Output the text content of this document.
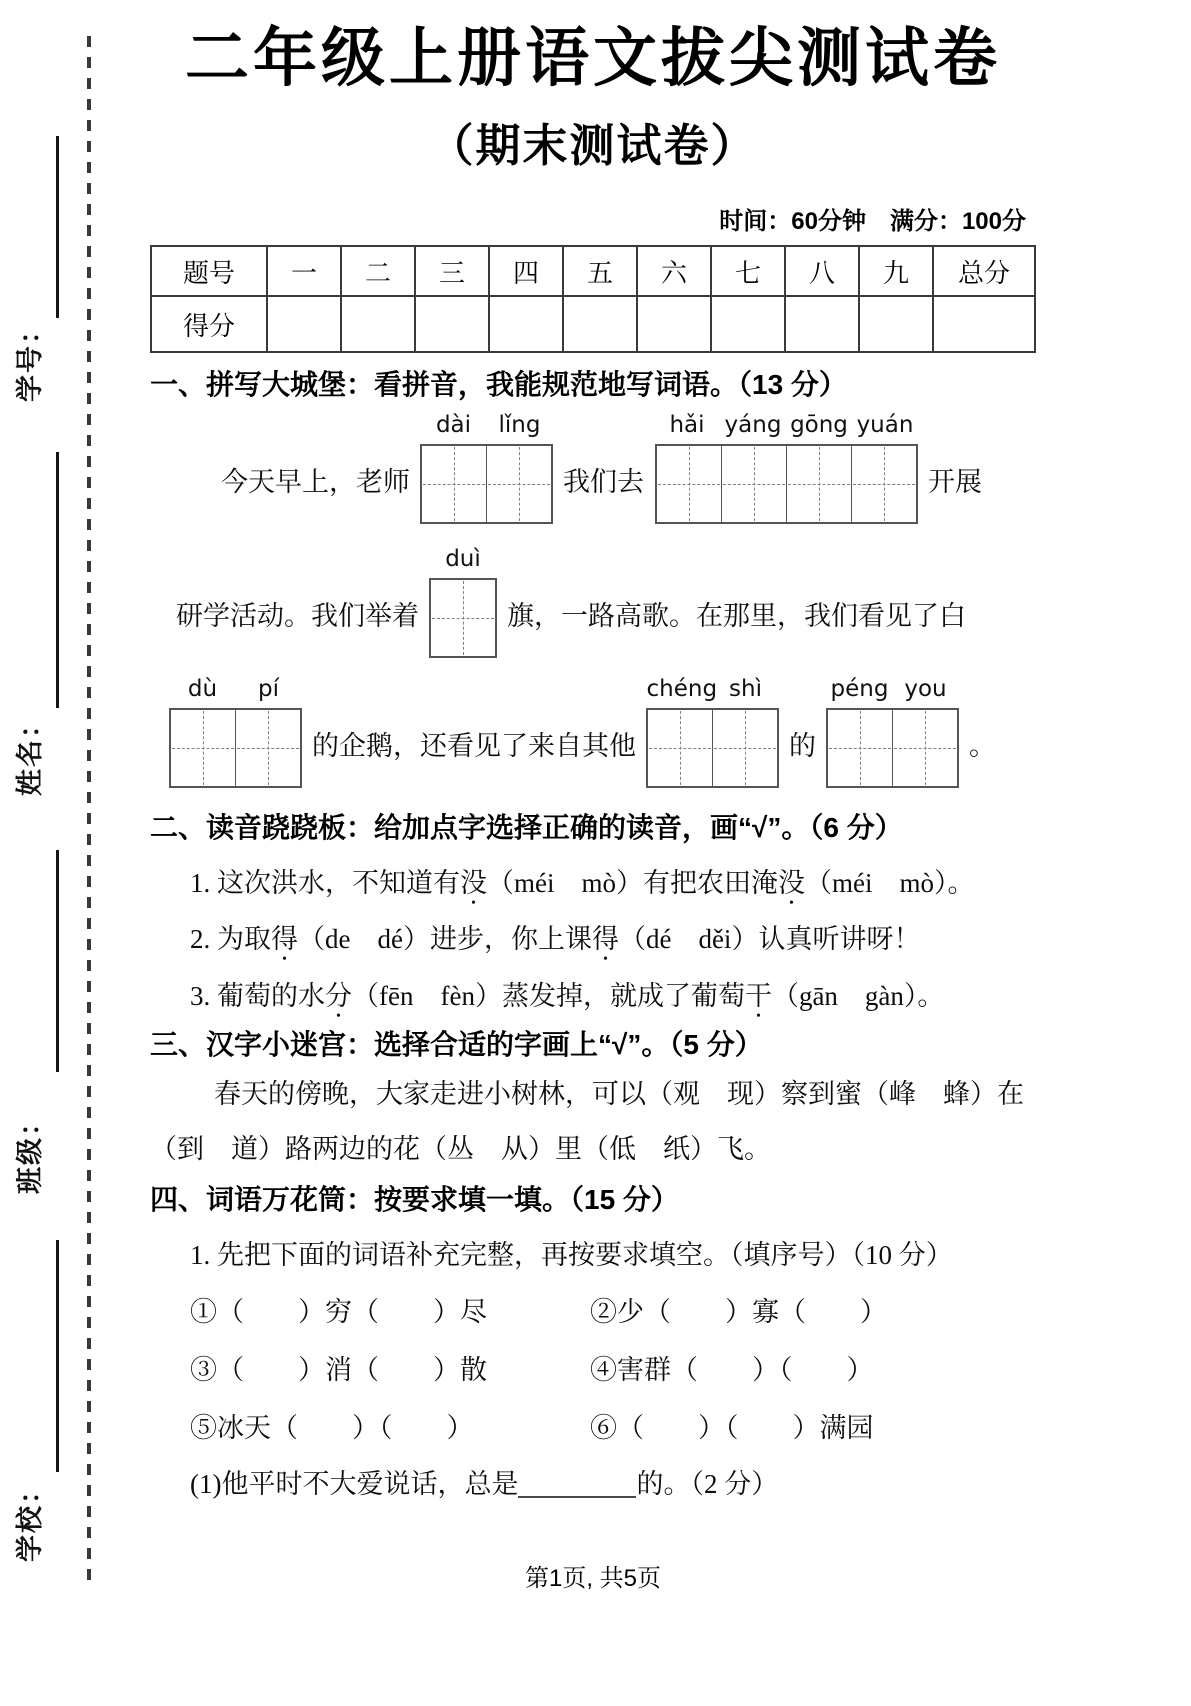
学号：
姓名：
班级：
学校：
二年级上册语文拔尖测试卷
（期末测试卷）
时间：60分钟　满分：100分
题号	一	二	三	四	五	六	七	八	九	总分
得分										
一、拼写大城堡：看拼音，我能规范地写词语。（13 分）
今天早上，老师
dài	lǐng
我们去
hǎi yáng gōng yuán
开展
研学活动。我们举着
duì
旗，一路高歌。在那里，我们看见了白
dù	pí
的企鹅，还看见了来自其他
chéng shì
的
péng you
。
二、读音跷跷板：给加点字选择正确的读音，画“√”。（6 分）
1. 这次洪水，不知道有没（méi　mò）有把农田淹没（méi　mò）。
2. 为取得（de　dé）进步，你上课得（dé　děi）认真听讲呀！
3. 葡萄的水分（fēn　fèn）蒸发掉，就成了葡萄干（gān　gàn）。
三、汉字小迷宫：选择合适的字画上“√”。（5 分）
春天的傍晚，大家走进小树林，可以（观　现）察到蜜（峰　蜂）在
（到　道）路两边的花（丛　从）里（低　纸）飞。
四、词语万花筒：按要求填一填。（15 分）
1. 先把下面的词语补充完整，再按要求填空。（填序号）（10 分）
①（　　）穷（　　）尽	②少（　　）寡（　　）
③（　　）消（　　）散	④害群（　　）（　　）
⑤冰天（　　）（　　）	⑥（　　）（　　）满园
(1)他平时不大爱说话，总是	的。（2 分）
第1页, 共5页
